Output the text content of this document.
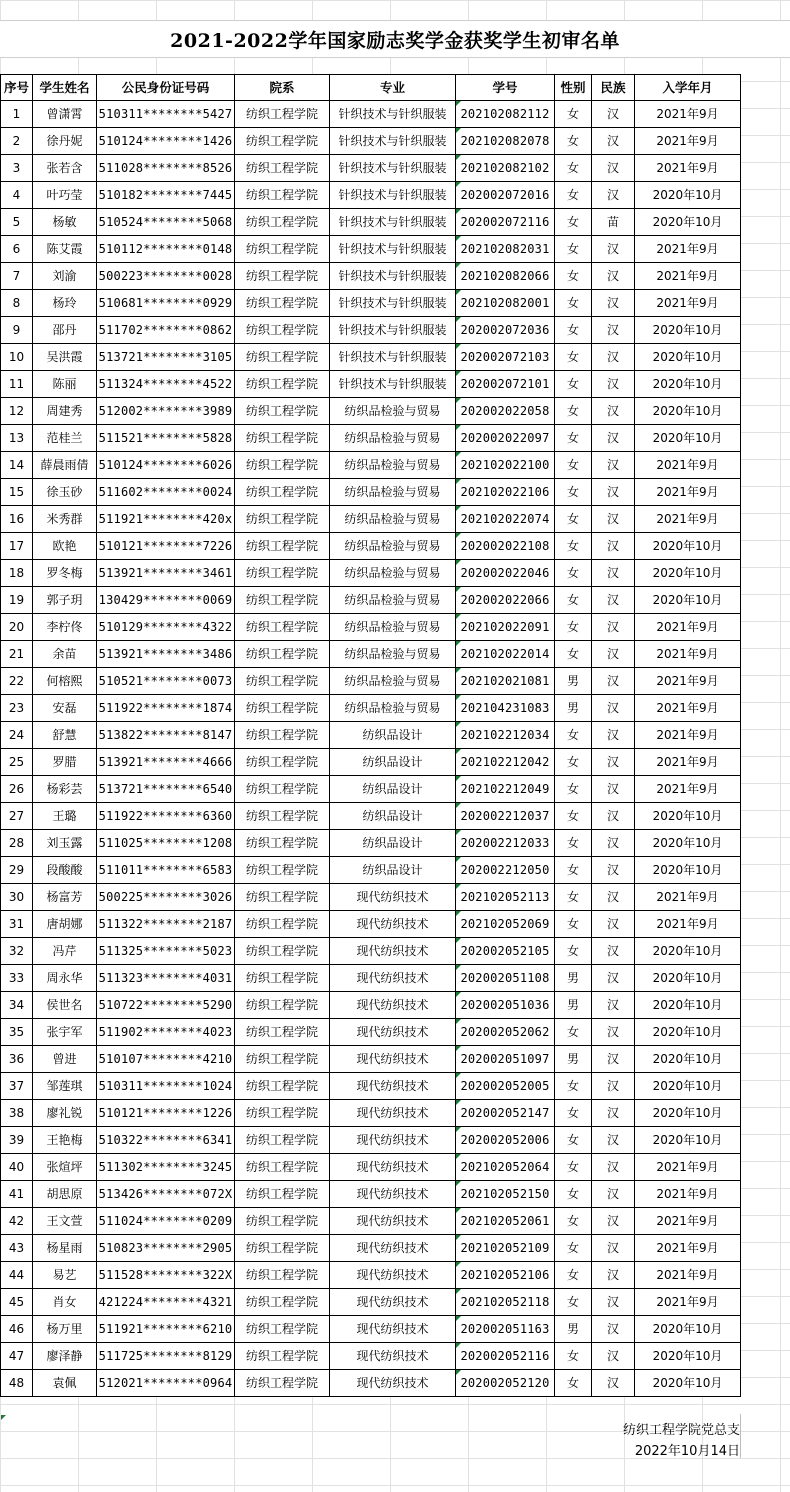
2021-2022学年国家励志奖学金获奖学生初审名单
序号	学生姓名	公民身份证号码	院系	专业	学号	性别	民族	入学年月
1	曾潇霄	510311********5427	纺织工程学院	针织技术与针织服装	202102082112	女	汉	2021年9月
2	徐丹妮	510124********1426	纺织工程学院	针织技术与针织服装	202102082078	女	汉	2021年9月
3	张若含	511028********8526	纺织工程学院	针织技术与针织服装	202102082102	女	汉	2021年9月
4	叶巧莹	510182********7445	纺织工程学院	针织技术与针织服装	202002072016	女	汉	2020年10月
5	杨敏	510524********5068	纺织工程学院	针织技术与针织服装	202002072116	女	苗	2020年10月
6	陈艾霞	510112********0148	纺织工程学院	针织技术与针织服装	202102082031	女	汉	2021年9月
7	刘渝	500223********0028	纺织工程学院	针织技术与针织服装	202102082066	女	汉	2021年9月
8	杨玲	510681********0929	纺织工程学院	针织技术与针织服装	202102082001	女	汉	2021年9月
9	邵丹	511702********0862	纺织工程学院	针织技术与针织服装	202002072036	女	汉	2020年10月
10	吴洪霞	513721********3105	纺织工程学院	针织技术与针织服装	202002072103	女	汉	2020年10月
11	陈丽	511324********4522	纺织工程学院	针织技术与针织服装	202002072101	女	汉	2020年10月
12	周建秀	512002********3989	纺织工程学院	纺织品检验与贸易	202002022058	女	汉	2020年10月
13	范桂兰	511521********5828	纺织工程学院	纺织品检验与贸易	202002022097	女	汉	2020年10月
14	薛晨雨倩	510124********6026	纺织工程学院	纺织品检验与贸易	202102022100	女	汉	2021年9月
15	徐玉砂	511602********0024	纺织工程学院	纺织品检验与贸易	202102022106	女	汉	2021年9月
16	米秀群	511921********420x	纺织工程学院	纺织品检验与贸易	202102022074	女	汉	2021年9月
17	欧艳	510121********7226	纺织工程学院	纺织品检验与贸易	202002022108	女	汉	2020年10月
18	罗冬梅	513921********3461	纺织工程学院	纺织品检验与贸易	202002022046	女	汉	2020年10月
19	郭子玥	130429********0069	纺织工程学院	纺织品检验与贸易	202002022066	女	汉	2020年10月
20	李柠佟	510129********4322	纺织工程学院	纺织品检验与贸易	202102022091	女	汉	2021年9月
21	余苗	513921********3486	纺织工程学院	纺织品检验与贸易	202102022014	女	汉	2021年9月
22	何榕熙	510521********0073	纺织工程学院	纺织品检验与贸易	202102021081	男	汉	2021年9月
23	安磊	511922********1874	纺织工程学院	纺织品检验与贸易	202104231083	男	汉	2021年9月
24	舒慧	513822********8147	纺织工程学院	纺织品设计	202102212034	女	汉	2021年9月
25	罗腊	513921********4666	纺织工程学院	纺织品设计	202102212042	女	汉	2021年9月
26	杨彩芸	513721********6540	纺织工程学院	纺织品设计	202102212049	女	汉	2021年9月
27	王璐	511922********6360	纺织工程学院	纺织品设计	202002212037	女	汉	2020年10月
28	刘玉露	511025********1208	纺织工程学院	纺织品设计	202002212033	女	汉	2020年10月
29	段酸酸	511011********6583	纺织工程学院	纺织品设计	202002212050	女	汉	2020年10月
30	杨富芳	500225********3026	纺织工程学院	现代纺织技术	202102052113	女	汉	2021年9月
31	唐胡娜	511322********2187	纺织工程学院	现代纺织技术	202102052069	女	汉	2021年9月
32	冯芹	511325********5023	纺织工程学院	现代纺织技术	202002052105	女	汉	2020年10月
33	周永华	511323********4031	纺织工程学院	现代纺织技术	202002051108	男	汉	2020年10月
34	侯世名	510722********5290	纺织工程学院	现代纺织技术	202002051036	男	汉	2020年10月
35	张宇军	511902********4023	纺织工程学院	现代纺织技术	202002052062	女	汉	2020年10月
36	曾进	510107********4210	纺织工程学院	现代纺织技术	202002051097	男	汉	2020年10月
37	邹莲琪	510311********1024	纺织工程学院	现代纺织技术	202002052005	女	汉	2020年10月
38	廖礼锐	510121********1226	纺织工程学院	现代纺织技术	202002052147	女	汉	2020年10月
39	王艳梅	510322********6341	纺织工程学院	现代纺织技术	202002052006	女	汉	2020年10月
40	张煊坪	511302********3245	纺织工程学院	现代纺织技术	202102052064	女	汉	2021年9月
41	胡思原	513426********072X	纺织工程学院	现代纺织技术	202102052150	女	汉	2021年9月
42	王文萱	511024********0209	纺织工程学院	现代纺织技术	202102052061	女	汉	2021年9月
43	杨星雨	510823********2905	纺织工程学院	现代纺织技术	202102052109	女	汉	2021年9月
44	易艺	511528********322X	纺织工程学院	现代纺织技术	202102052106	女	汉	2021年9月
45	肖女	421224********4321	纺织工程学院	现代纺织技术	202102052118	女	汉	2021年9月
46	杨万里	511921********6210	纺织工程学院	现代纺织技术	202002051163	男	汉	2020年10月
47	廖泽静	511725********8129	纺织工程学院	现代纺织技术	202002052116	女	汉	2020年10月
48	袁佩	512021********0964	纺织工程学院	现代纺织技术	202002052120	女	汉	2020年10月
纺织工程学院党总支
2022年10月14日
